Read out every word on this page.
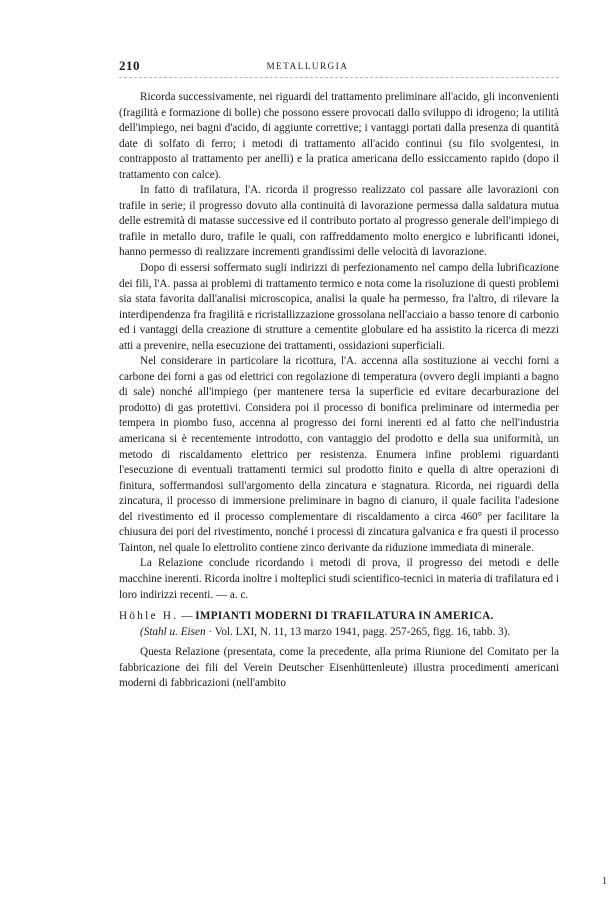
210	METALLURGIA

Ricorda successivamente, nei riguardi del trattamento preliminare all'acido, gli inconvenienti (fragilità e formazione di bolle) che possono essere provocati dallo sviluppo di idrogeno; la utilità dell'impiego, nei bagni d'acido, di aggiunte correttive; i vantaggi portati dalla presenza di quantità date di solfato di ferro; i metodi di trattamento all'acido continui (su filo svolgentesi, in contrapposto al trattamento per anelli) e la pratica americana dello essiccamento rapido (dopo il trattamento con calce).

In fatto di trafilatura, l'A. ricorda il progresso realizzato col passare alle lavorazioni con trafile in serie; il progresso dovuto alla continuità di lavorazione permessa dalla saldatura mutua delle estremità di matasse successive ed il contributo portato al progresso generale dell'impiego di trafile in metallo duro, trafile le quali, con raffreddamento molto energico e lubrificanti idonei, hanno permesso di realizzare incrementi grandissimi delle velocità di lavorazione.

Dopo di essersi soffermato sugli indirizzi di perfezionamento nel campo della lubrificazione dei fili, l'A. passa ai problemi di trattamento termico e nota come la risoluzione di questi problemi sia stata favorita dall'analisi microscopica, analisi la quale ha permesso, fra l'altro, di rilevare la interdipendenza fra fragilità e ricristallizzazione grossolana nell'acciaio a basso tenore di carbonio ed i vantaggi della creazione di strutture a cementite globulare ed ha assistito la ricerca di mezzi atti a prevenire, nella esecuzione dei trattamenti, ossidazioni superficiali.

Nel considerare in particolare la ricottura, l'A. accenna alla sostituzione ai vecchi forni a carbone dei forni a gas od elettrici con regolazione di temperatura (ovvero degli impianti a bagno di sale) nonché all'impiego (per mantenere tersa la superficie ed evitare decarburazione del prodotto) di gas protettivi. Considera poi il processo di bonifica preliminare od intermedia per tempera in piombo fuso, accenna al progresso dei forni inerenti ed al fatto che nell'industria americana si è recentemente introdotto, con vantaggio del prodotto e della sua uniformità, un metodo di riscaldamento elettrico per resistenza. Enumera infine problemi riguardanti l'esecuzione di eventuali trattamenti termici sul prodotto finito e quella di altre operazioni di finitura, soffermandosi sull'argomento della zincatura e stagnatura. Ricorda, nei riguardi della zincatura, il processo di immersione preliminare in bagno di cianuro, il quale facilita l'adesione del rivestimento ed il processo complementare di riscaldamento a circa 460° per facilitare la chiusura dei pori del rivestimento, nonché i processi di zincatura galvanica e fra questi il processo Tainton, nel quale lo elettrolito contiene zinco derivante da riduzione immediata di minerale.

La Relazione conclude ricordando i metodi di prova, il progresso dei metodi e delle macchine inerenti. Ricorda inoltre i molteplici studi scientifico-tecnici in materia di trafilatura ed i loro indirizzi recenti. — a. c.

Höhle H. — IMPIANTI MODERNI DI TRAFILATURA IN AMERICA.
(Stahl u. Eisen · Vol. LXI, N. 11, 13 marzo 1941, pagg. 257-265, figg. 16, tabb. 3).

Questa Relazione (presentata, come la precedente, alla prima Riunione del Comitato per la fabbricazione dei fili del Verein Deutscher Eisenhüttenleute) illustra procedimenti americani moderni di fabbricazioni (nell'ambito

1
